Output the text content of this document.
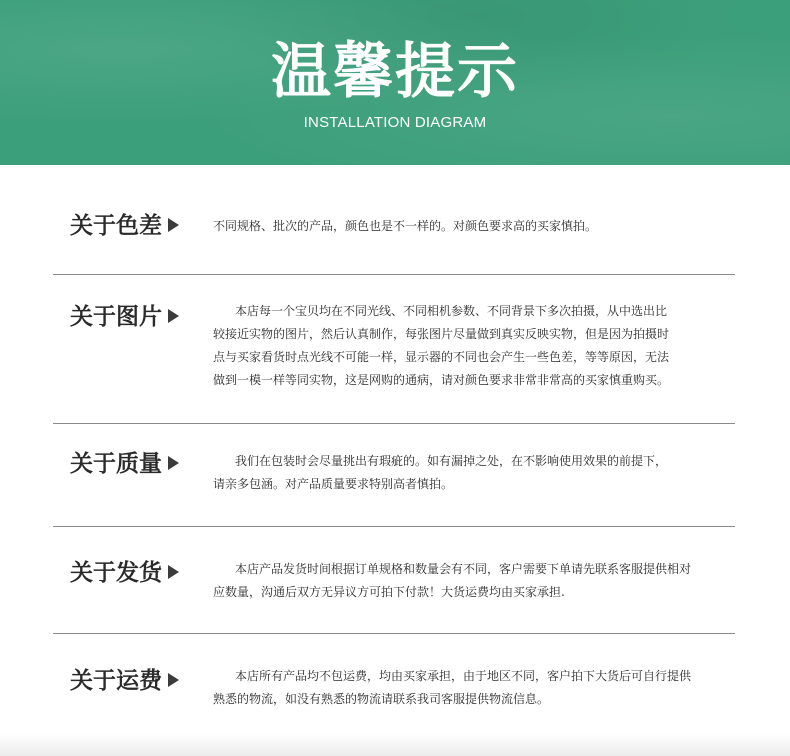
温馨提示
INSTALLATION DIAGRAM
关于色差	不同规格、批次的产品，颜色也是不一样的。对颜色要求高的买家慎拍。
关于图片	本店每一个宝贝均在不同光线、不同相机参数、不同背景下多次拍摄，从中选出比
较接近实物的图片，然后认真制作，每张图片尽量做到真实反映实物，但是因为拍摄时
点与买家看货时点光线不可能一样，显示器的不同也会产生一些色差，等等原因，无法
做到一模一样等同实物，这是网购的通病，请对颜色要求非常非常高的买家慎重购买。
关于质量	我们在包装时会尽量挑出有瑕疵的。如有漏掉之处，在不影响使用效果的前提下，
请亲多包涵。对产品质量要求特别高者慎拍。
关于发货	本店产品发货时间根据订单规格和数量会有不同，客户需要下单请先联系客服提供相对
应数量，沟通后双方无异议方可拍下付款！大货运费均由买家承担.
关于运费	本店所有产品均不包运费，均由买家承担，由于地区不同，客户拍下大货后可自行提供
熟悉的物流，如没有熟悉的物流请联系我司客服提供物流信息。
